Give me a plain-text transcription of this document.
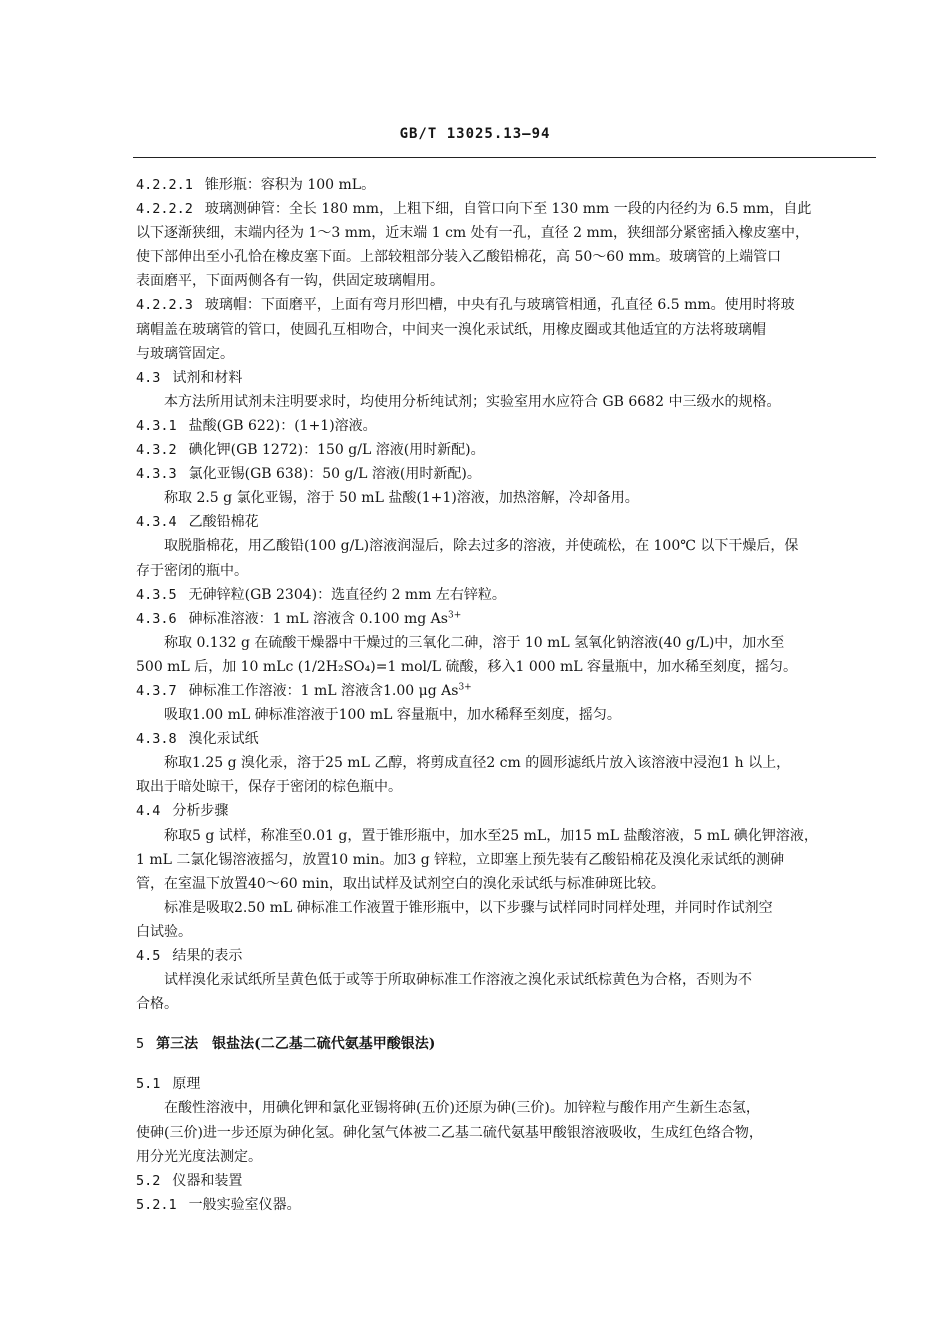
GB/T 13025.13—94
4.2.2.1 锥形瓶：容积为 100 mL。
4.2.2.2 玻璃测砷管：全长 180 mm，上粗下细，自管口向下至 130 mm 一段的内径约为 6.5 mm，自此
以下逐渐狭细，末端内径为 1～3 mm，近末端 1 cm 处有一孔，直径 2 mm，狭细部分紧密插入橡皮塞中，
使下部伸出至小孔恰在橡皮塞下面。上部较粗部分装入乙酸铅棉花，高 50～60 mm。玻璃管的上端管口
表面磨平，下面两侧各有一钩，供固定玻璃帽用。
4.2.2.3 玻璃帽：下面磨平，上面有弯月形凹槽，中央有孔与玻璃管相通，孔直径 6.5 mm。使用时将玻
璃帽盖在玻璃管的管口，使圆孔互相吻合，中间夹一溴化汞试纸，用橡皮圈或其他适宜的方法将玻璃帽
与玻璃管固定。
4.3 试剂和材料
本方法所用试剂未注明要求时，均使用分析纯试剂；实验室用水应符合 GB 6682 中三级水的规格。
4.3.1 盐酸(GB 622)：(1+1)溶液。
4.3.2 碘化钾(GB 1272)：150 g/L 溶液(用时新配)。
4.3.3 氯化亚锡(GB 638)：50 g/L 溶液(用时新配)。
称取 2.5 g 氯化亚锡，溶于 50 mL 盐酸(1+1)溶液，加热溶解，冷却备用。
4.3.4 乙酸铅棉花
取脱脂棉花，用乙酸铅(100 g/L)溶液润湿后，除去过多的溶液，并使疏松，在 100℃ 以下干燥后，保
存于密闭的瓶中。
4.3.5 无砷锌粒(GB 2304)：选直径约 2 mm 左右锌粒。
4.3.6 砷标准溶液：1 mL 溶液含 0.100 mg $As^{3+}$
称取 0.132 g 在硫酸干燥器中干燥过的三氧化二砷，溶于 10 mL 氢氧化钠溶液(40 g/L)中，加水至
500 mL 后，加 10 mLc (1/2H₂SO₄)=1 mol/L 硫酸，移入1 000 mL 容量瓶中，加水稀至刻度，摇匀。
4.3.7 砷标准工作溶液：1 mL 溶液含1.00 μg $As^{3+}$
吸取1.00 mL 砷标准溶液于100 mL 容量瓶中，加水稀释至刻度，摇匀。
4.3.8 溴化汞试纸
称取1.25 g 溴化汞，溶于25 mL 乙醇，将剪成直径2 cm 的圆形滤纸片放入该溶液中浸泡1 h 以上，
取出于暗处晾干，保存于密闭的棕色瓶中。
4.4 分析步骤
称取5 g 试样，称准至0.01 g，置于锥形瓶中，加水至25 mL，加15 mL 盐酸溶液，5 mL 碘化钾溶液，
1 mL 二氯化锡溶液摇匀，放置10 min。加3 g 锌粒，立即塞上预先装有乙酸铅棉花及溴化汞试纸的测砷
管，在室温下放置40～60 min，取出试样及试剂空白的溴化汞试纸与标准砷斑比较。
标准是吸取2.50 mL 砷标准工作液置于锥形瓶中，以下步骤与试样同时同样处理，并同时作试剂空
白试验。
4.5 结果的表示
试样溴化汞试纸所呈黄色低于或等于所取砷标准工作溶液之溴化汞试纸棕黄色为合格，否则为不
合格。
5 第三法　银盐法(二乙基二硫代氨基甲酸银法)
5.1 原理
在酸性溶液中，用碘化钾和氯化亚锡将砷(五价)还原为砷(三价)。加锌粒与酸作用产生新生态氢，
使砷(三价)进一步还原为砷化氢。砷化氢气体被二乙基二硫代氨基甲酸银溶液吸收，生成红色络合物，
用分光光度法测定。
5.2 仪器和装置
5.2.1 一般实验室仪器。
